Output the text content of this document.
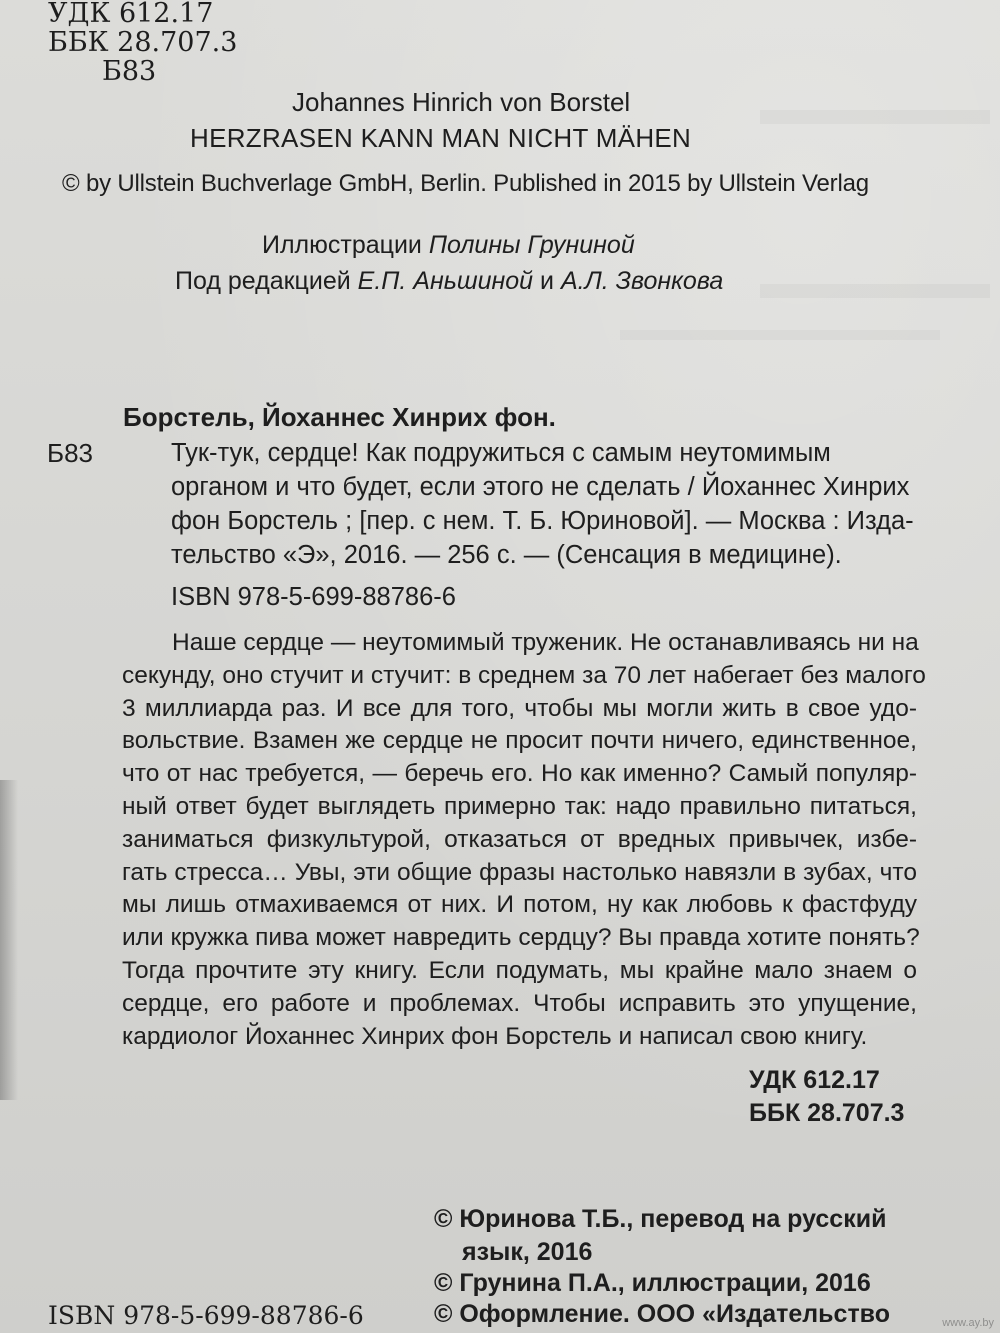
УДК 612.17
ББК 28.707.3
Б83
Johannes Hinrich von Borstel
HERZRASEN KANN MAN NICHT MÄHEN
© by Ullstein Buchverlage GmbH, Berlin. Published in 2015 by Ullstein Verlag
Иллюстрации Полины Груниной
Под редакцией Е.П. Аньшиной и А.Л. Звонкова
Борстель, Йоханнес Хинрих фон.
Б83	Тук-тук, сердце! Как подружиться с самым неутомимым
органом и что будет, если этого не сделать / Йоханнес Хинрих
фон Борстель ; [пер. с нем. Т. Б. Юриновой]. — Москва : Изда-
тельство «Э», 2016. — 256 с. — (Сенсация в медицине).
ISBN 978-5-699-88786-6
Наше сердце — неутомимый труженик. Не останавливаясь ни на
секунду, оно стучит и стучит: в среднем за 70 лет набегает без малого
3 миллиарда раз. И все для того, чтобы мы могли жить в свое удо-
вольствие. Взамен же сердце не просит почти ничего, единственное,
что от нас требуется, — беречь его. Но как именно? Самый популяр-
ный ответ будет выглядеть примерно так: надо правильно питаться,
заниматься физкультурой, отказаться от вредных привычек, избе-
гать стресса… Увы, эти общие фразы настолько навязли в зубах, что
мы лишь отмахиваемся от них. И потом, ну как любовь к фастфуду
или кружка пива может навредить сердцу? Вы правда хотите понять?
Тогда прочтите эту книгу. Если подумать, мы крайне мало знаем о
сердце, его работе и проблемах. Чтобы исправить это упущение,
кардиолог Йоханнес Хинрих фон Борстель и написал свою книгу.
УДК 612.17
ББК 28.707.3
© Юринова Т.Б., перевод на русский
язык, 2016
© Грунина П.А., иллюстрации, 2016
© Оформление. ООО «Издательство
ISBN 978-5-699-88786-6	www.ay.by
